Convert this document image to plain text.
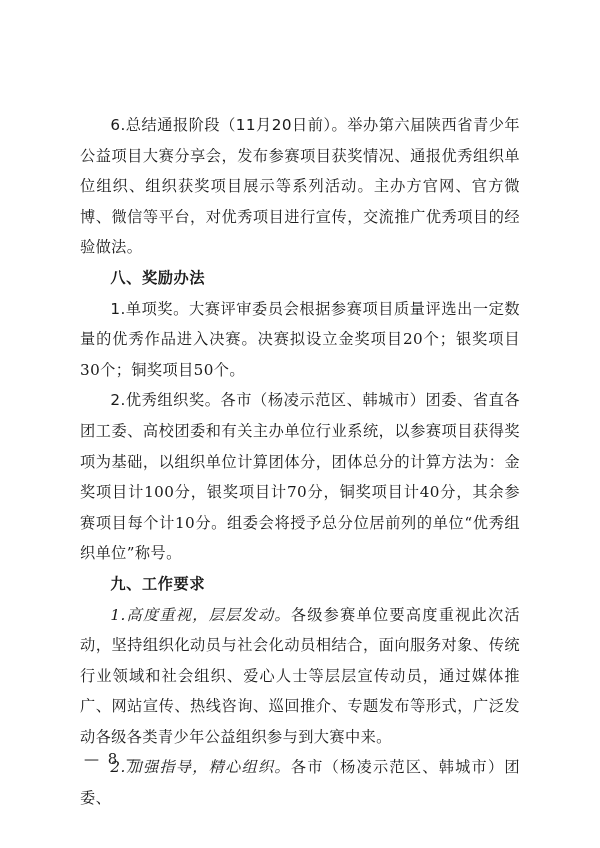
6.总结通报阶段（11月20日前）。举办第六届陕西省青少年公益项目大赛分享会，发布参赛项目获奖情况、通报优秀组织单位组织、组织获奖项目展示等系列活动。主办方官网、官方微博、微信等平台，对优秀项目进行宣传，交流推广优秀项目的经验做法。

八、奖励办法

1.单项奖。大赛评审委员会根据参赛项目质量评选出一定数量的优秀作品进入决赛。决赛拟设立金奖项目20个；银奖项目30个；铜奖项目50个。

2.优秀组织奖。各市（杨凌示范区、韩城市）团委、省直各团工委、高校团委和有关主办单位行业系统，以参赛项目获得奖项为基础，以组织单位计算团体分，团体总分的计算方法为：金奖项目计100分，银奖项目计70分，铜奖项目计40分，其余参赛项目每个计10分。组委会将授予总分位居前列的单位“优秀组织单位”称号。

九、工作要求

1.高度重视，层层发动。各级参赛单位要高度重视此次活动，坚持组织化动员与社会化动员相结合，面向服务对象、传统行业领域和社会组织、爱心人士等层层宣传动员，通过媒体推广、网站宣传、热线咨询、巡回推介、专题发布等形式，广泛发动各级各类青少年公益组织参与到大赛中来。

2.加强指导，精心组织。各市（杨凌示范区、韩城市）团委、

— 8 —
